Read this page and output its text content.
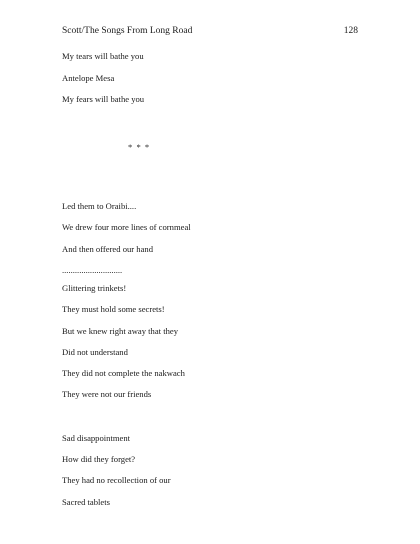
Scott/The Songs From Long Road	128
My tears will bathe you
Antelope Mesa
My fears will bathe you
* * *
Led them to Oraibi....
We drew four more lines of cornmeal
And then offered our hand
............................
Glittering trinkets!
They must hold some secrets!
But we knew right away that they
Did not understand
They did not complete the nakwach
They were not our friends
Sad disappointment
How did they forget?
They had no recollection of our
Sacred tablets
